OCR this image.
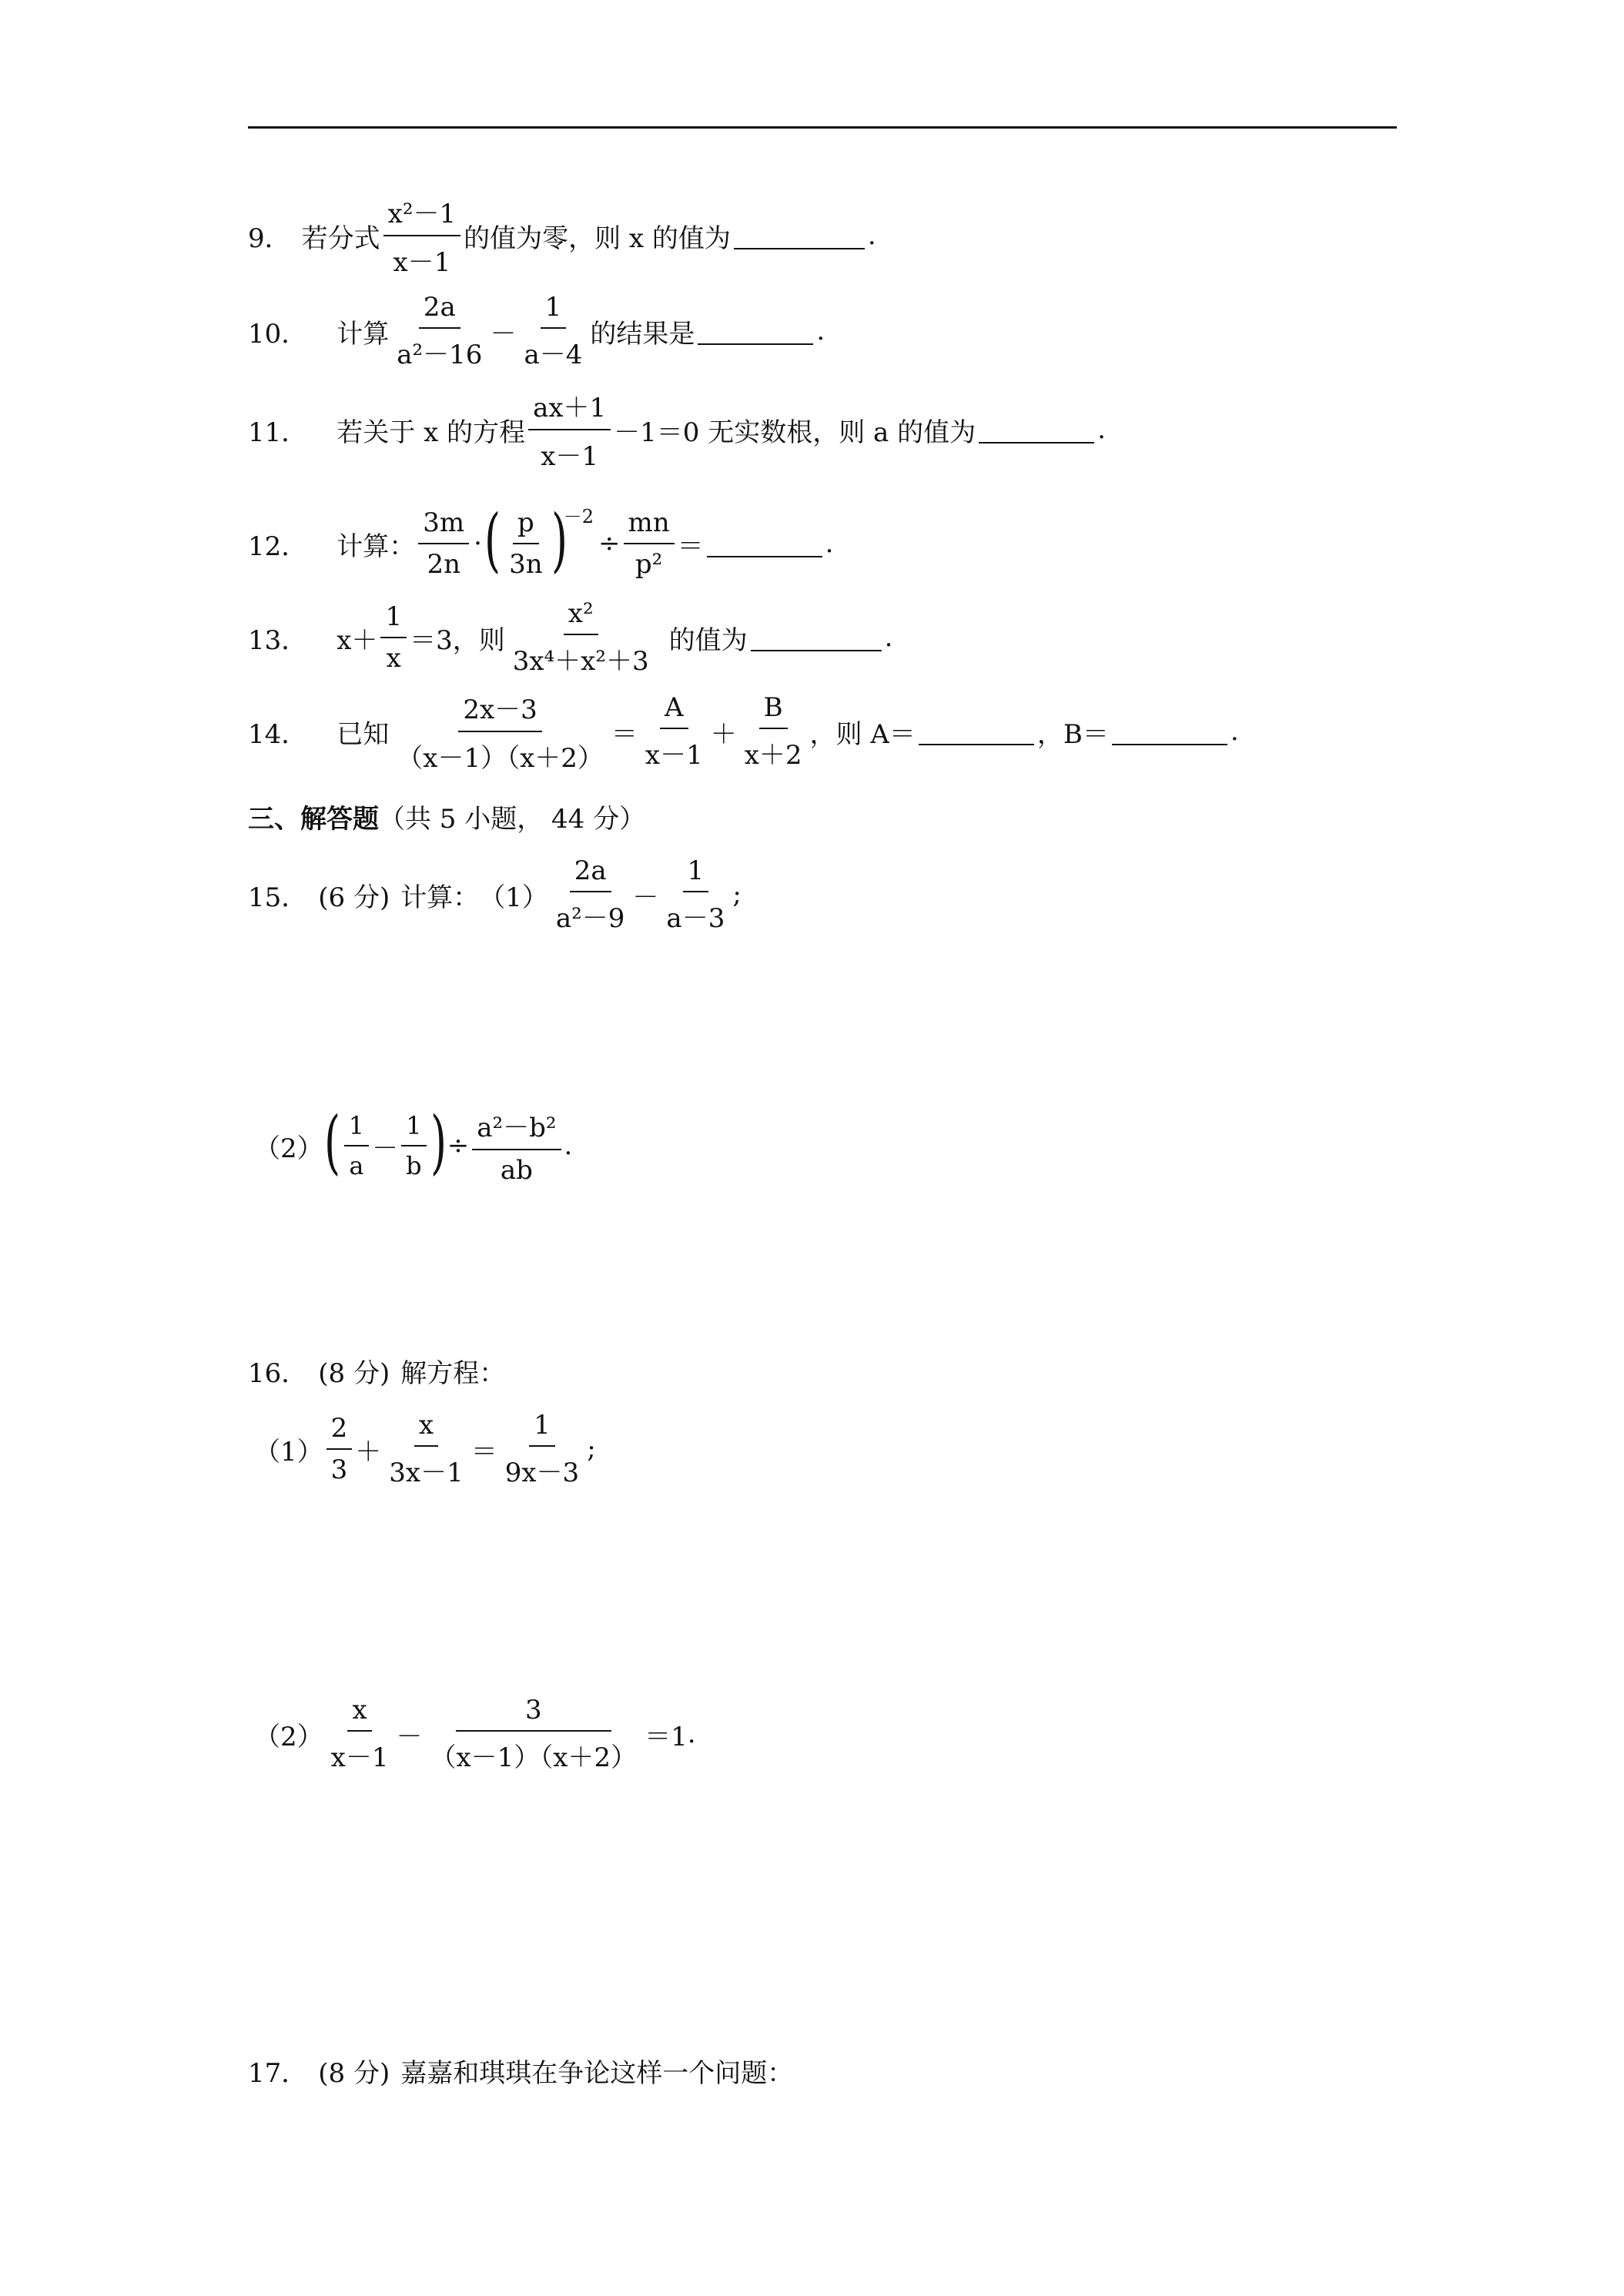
9． 若分式 $\frac{\text{x²－1}}{x-1}$ 的值为零，则 x 的值为	.
10． 计算 $\frac{2a}{\text{a²－16}} - \frac{1}{a-4}$ 的结果是	.
11． 若关于 x 的方程 $\frac{ax+1}{x-1} -1=0$ 无实数根，则 a 的值为	.
12． 计算： $\frac{3m}{2n}$ · ( $\frac{p}{3n}$ )
－2
÷ $\frac{mn}{\text{p²}}$ ＝	.
13． $x+ \frac{1}{x} =3$，则 $\frac{\text{x²}}{\text{3x⁴＋x²＋3}}$ 的值为	.
14． 已知 $\frac{2x-3}{(x-1)(x+2)} = \frac{A}{x-1} + \frac{B}{x+2}$ ，则 A＝	，B＝	.
三、解答题 （共 5 小题， 44 分）
15． (6 分) 计算： $(1) \frac{2a}{\text{a²－9}} - \frac{1}{a-3}$ ;
（2） ( $\frac{1}{a} - \frac{1}{b}$ ) ÷ $\frac{\text{a²－b²}}{ab}$ .
16． (8 分) 解方程：
$(1) \frac{2}{3} + \frac{x}{3x-1} = \frac{1}{9x-3}$ ;
$(2) \frac{x}{x-1} - \frac{3}{(x-1)(x+2)} =1$ .
17． (8 分) 嘉嘉和琪琪在争论这样一个问题：
